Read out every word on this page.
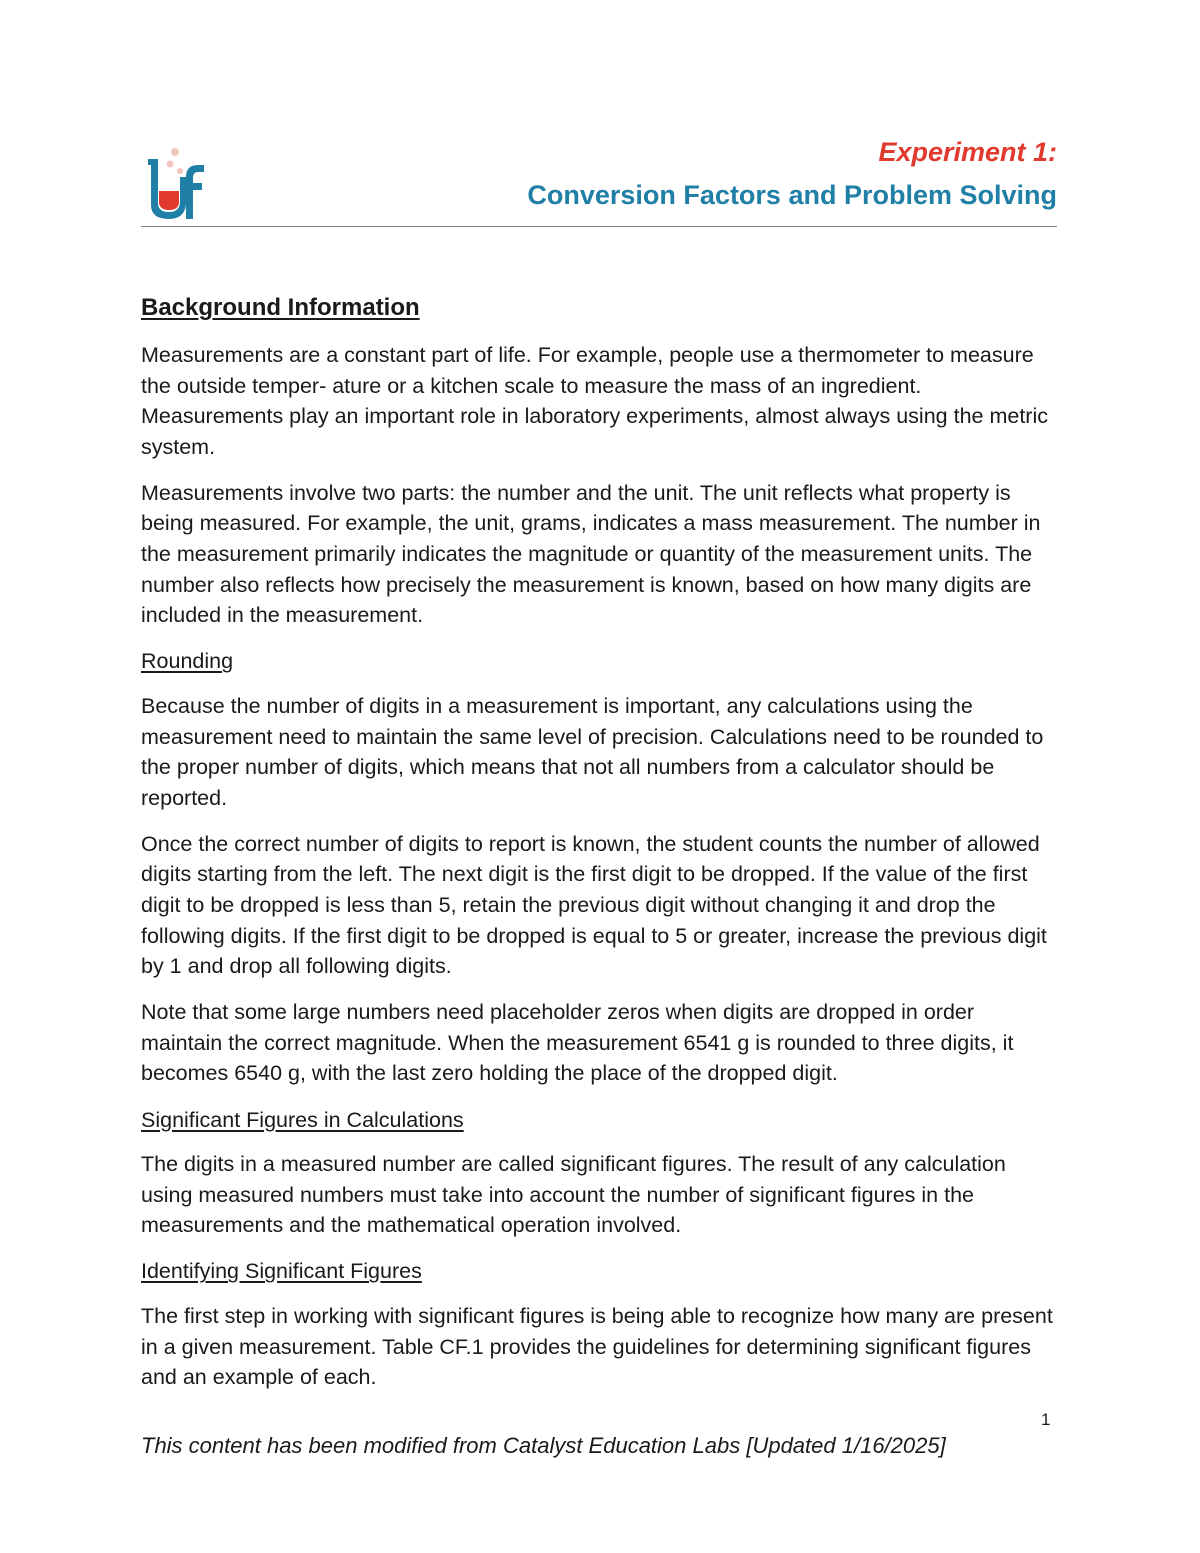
Experiment 1:
Conversion Factors and Problem Solving
Background Information

Measurements are a constant part of life. For example, people use a thermometer to measure the outside temper- ature or a kitchen scale to measure the mass of an ingredient. Measurements play an important role in laboratory experiments, almost always using the metric system.

Measurements involve two parts: the number and the unit. The unit reflects what property is being measured. For example, the unit, grams, indicates a mass measurement. The number in the measurement primarily indicates the magnitude or quantity of the measurement units. The number also reflects how precisely the measurement is known, based on how many digits are included in the measurement.

Rounding

Because the number of digits in a measurement is important, any calculations using the measurement need to maintain the same level of precision. Calculations need to be rounded to the proper number of digits, which means that not all numbers from a calculator should be reported.

Once the correct number of digits to report is known, the student counts the number of allowed digits starting from the left. The next digit is the first digit to be dropped. If the value of the first digit to be dropped is less than 5, retain the previous digit without changing it and drop the following digits. If the first digit to be dropped is equal to 5 or greater, increase the previous digit by 1 and drop all following digits.

Note that some large numbers need placeholder zeros when digits are dropped in order maintain the correct magnitude. When the measurement 6541 g is rounded to three digits, it becomes 6540 g, with the last zero holding the place of the dropped digit.

Significant Figures in Calculations

The digits in a measured number are called significant figures. The result of any calculation using measured numbers must take into account the number of significant figures in the measurements and the mathematical operation involved.

Identifying Significant Figures

The first step in working with significant figures is being able to recognize how many are present in a given measurement. Table CF.1 provides the guidelines for determining significant figures and an example of each.

1
This content has been modified from Catalyst Education Labs [Updated 1/16/2025]
